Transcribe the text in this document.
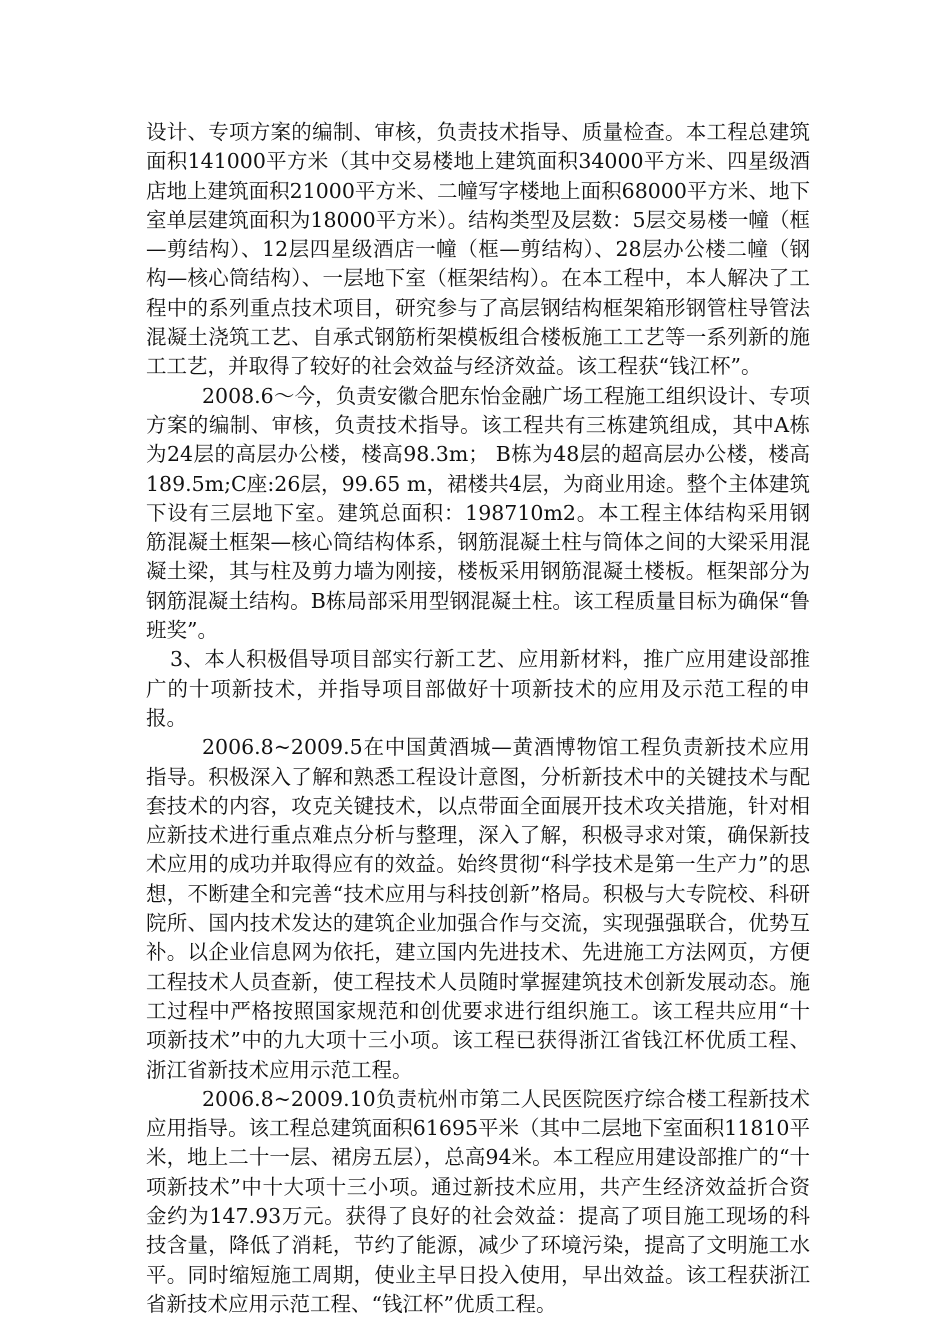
设计、专项方案的编制、审核，负责技术指导、质量检查。本工程总建筑面积141000平方米（其中交易楼地上建筑面积34000平方米、四星级酒店地上建筑面积21000平方米、二幢写字楼地上面积68000平方米、地下室单层建筑面积为18000平方米）。结构类型及层数：5层交易楼一幢（框—剪结构）、12层四星级酒店一幢（框—剪结构）、28层办公楼二幢（钢构—核心筒结构）、一层地下室（框架结构）。在本工程中，本人解决了工程中的系列重点技术项目，研究参与了高层钢结构框架箱形钢管柱导管法混凝土浇筑工艺、自承式钢筋桁架模板组合楼板施工工艺等一系列新的施工工艺，并取得了较好的社会效益与经济效益。该工程获“钱江杯”。

2008.6～今，负责安徽合肥东怡金融广场工程施工组织设计、专项方案的编制、审核，负责技术指导。该工程共有三栋建筑组成，其中A栋为24层的高层办公楼，楼高98.3m； B栋为48层的超高层办公楼，楼高189.5m;C座:26层，99.65 m，裙楼共4层，为商业用途。整个主体建筑下设有三层地下室。建筑总面积：198710m2。本工程主体结构采用钢筋混凝土框架—核心筒结构体系，钢筋混凝土柱与筒体之间的大梁采用混凝土梁，其与柱及剪力墙为刚接，楼板采用钢筋混凝土楼板。框架部分为钢筋混凝土结构。B栋局部采用型钢混凝土柱。该工程质量目标为确保“鲁班奖”。

3、本人积极倡导项目部实行新工艺、应用新材料，推广应用建设部推广的十项新技术，并指导项目部做好十项新技术的应用及示范工程的申报。

2006.8~2009.5在中国黄酒城—黄酒博物馆工程负责新技术应用指导。积极深入了解和熟悉工程设计意图，分析新技术中的关键技术与配套技术的内容，攻克关键技术，以点带面全面展开技术攻关措施，针对相应新技术进行重点难点分析与整理，深入了解，积极寻求对策，确保新技术应用的成功并取得应有的效益。始终贯彻“科学技术是第一生产力”的思想，不断建全和完善“技术应用与科技创新”格局。积极与大专院校、科研院所、国内技术发达的建筑企业加强合作与交流，实现强强联合，优势互补。以企业信息网为依托，建立国内先进技术、先进施工方法网页，方便工程技术人员查新，使工程技术人员随时掌握建筑技术创新发展动态。施工过程中严格按照国家规范和创优要求进行组织施工。该工程共应用“十项新技术”中的九大项十三小项。该工程已获得浙江省钱江杯优质工程、浙江省新技术应用示范工程。

2006.8~2009.10负责杭州市第二人民医院医疗综合楼工程新技术应用指导。该工程总建筑面积61695平米（其中二层地下室面积11810平米，地上二十一层、裙房五层），总高94米。本工程应用建设部推广的“十项新技术”中十大项十三小项。通过新技术应用，共产生经济效益折合资金约为147.93万元。获得了良好的社会效益：提高了项目施工现场的科技含量，降低了消耗，节约了能源，减少了环境污染，提高了文明施工水平。同时缩短施工周期，使业主早日投入使用，早出效益。该工程获浙江省新技术应用示范工程、“钱江杯”优质工程。
